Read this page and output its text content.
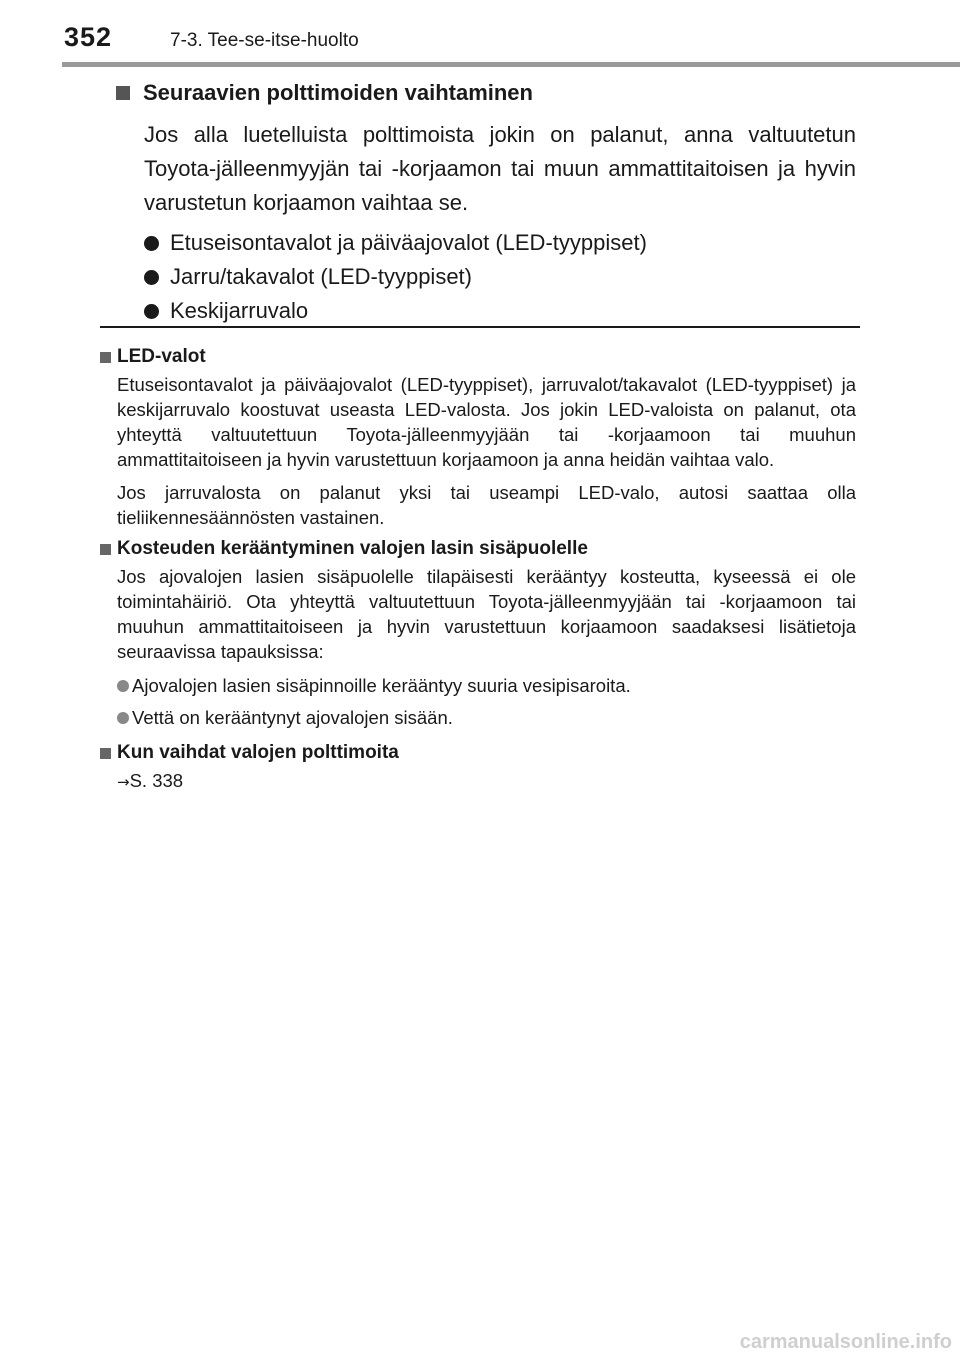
352	7-3. Tee-se-itse-huolto
Seuraavien polttimoiden vaihtaminen

Jos alla luetelluista polttimoista jokin on palanut, anna valtuutetun Toyota-jälleenmyyjän tai -korjaamon tai muun ammattitaitoisen ja hyvin varustetun korjaamon vaihtaa se.

Etuseisontavalot ja päiväajovalot (LED-tyyppiset)
Jarru/takavalot (LED-tyyppiset)
Keskijarruvalo
LED-valot

Etuseisontavalot ja päiväajovalot (LED-tyyppiset), jarruvalot/takavalot (LED-tyyppiset) ja keskijarruvalo koostuvat useasta LED-valosta. Jos jokin LED-valoista on palanut, ota yhteyttä valtuutettuun Toyota-jälleenmyyjään tai -korjaamoon tai muuhun ammattitaitoiseen ja hyvin varustettuun korjaamoon ja anna heidän vaihtaa valo.

Jos jarruvalosta on palanut yksi tai useampi LED-valo, autosi saattaa olla tieliikennesäännösten vastainen.

Kosteuden kerääntyminen valojen lasin sisäpuolelle

Jos ajovalojen lasien sisäpuolelle tilapäisesti kerääntyy kosteutta, kyseessä ei ole toimintahäiriö. Ota yhteyttä valtuutettuun Toyota-jälleenmyyjään tai -korjaamoon tai muuhun ammattitaitoiseen ja hyvin varustettuun korjaamoon saadaksesi lisätietoja seuraavissa tapauksissa:

Ajovalojen lasien sisäpinnoille kerääntyy suuria vesipisaroita.
Vettä on kerääntynyt ajovalojen sisään.
Kun vaihdat valojen polttimoita
→S. 338
carmanualsonline.info
